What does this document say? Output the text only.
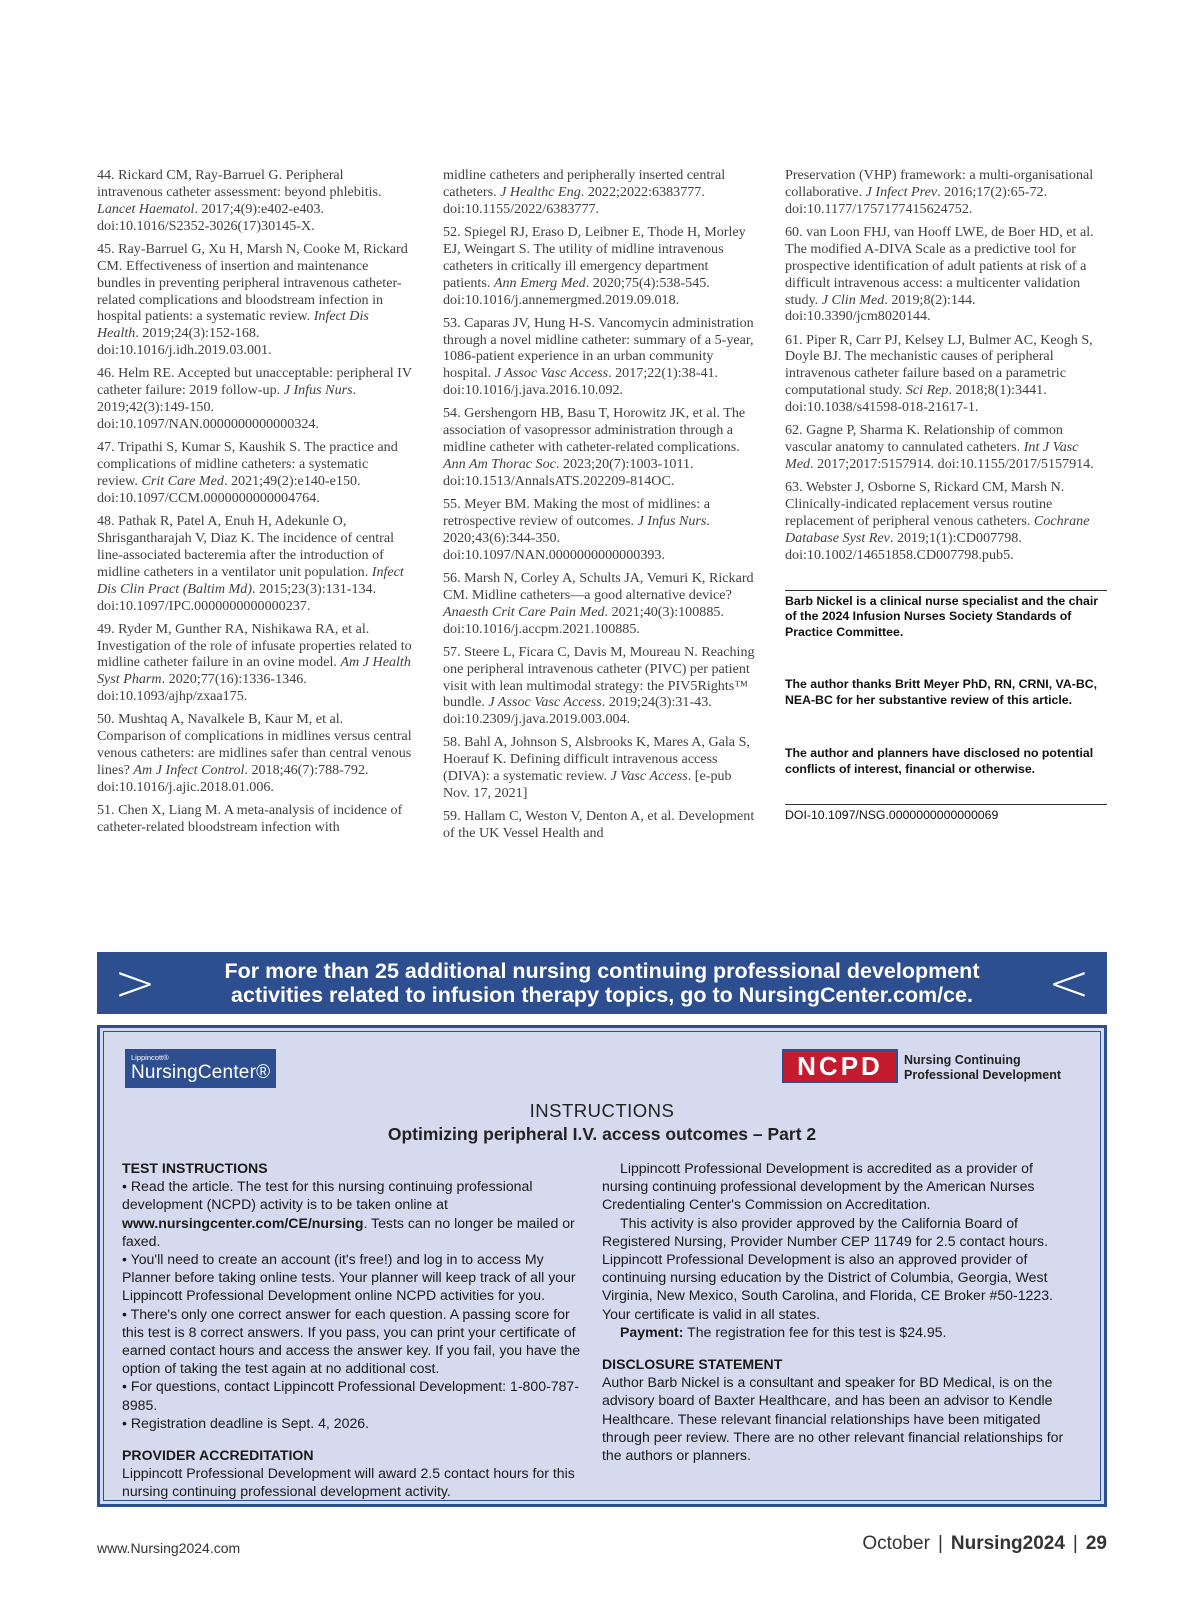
44. Rickard CM, Ray-Barruel G. Peripheral intravenous catheter assessment: beyond phlebitis. Lancet Haematol. 2017;4(9):e402-e403. doi:10.1016/S2352-3026(17)30145-X.

45. Ray-Barruel G, Xu H, Marsh N, Cooke M, Rickard CM. Effectiveness of insertion and maintenance bundles in preventing peripheral intravenous catheter-related complications and bloodstream infection in hospital patients: a systematic review. Infect Dis Health. 2019;24(3):152-168. doi:10.1016/j.idh.2019.03.001.

46. Helm RE. Accepted but unacceptable: peripheral IV catheter failure: 2019 follow-up. J Infus Nurs. 2019;42(3):149-150. doi:10.1097/NAN.0000000000000324.

47. Tripathi S, Kumar S, Kaushik S. The practice and complications of midline catheters: a systematic review. Crit Care Med. 2021;49(2):e140-e150. doi:10.1097/CCM.0000000000004764.

48. Pathak R, Patel A, Enuh H, Adekunle O, Shrisgantharajah V, Diaz K. The incidence of central line-associated bacteremia after the introduction of midline catheters in a ventilator unit population. Infect Dis Clin Pract (Baltim Md). 2015;23(3):131-134. doi:10.1097/IPC.0000000000000237.

49. Ryder M, Gunther RA, Nishikawa RA, et al. Investigation of the role of infusate properties related to midline catheter failure in an ovine model. Am J Health Syst Pharm. 2020;77(16):1336-1346. doi:10.1093/ajhp/zxaa175.

50. Mushtaq A, Navalkele B, Kaur M, et al. Comparison of complications in midlines versus central venous catheters: are midlines safer than central venous lines? Am J Infect Control. 2018;46(7):788-792. doi:10.1016/j.ajic.2018.01.006.

51. Chen X, Liang M. A meta-analysis of incidence of catheter-related bloodstream infection with

midline catheters and peripherally inserted central catheters. J Healthc Eng. 2022;2022:6383777. doi:10.1155/2022/6383777.

52. Spiegel RJ, Eraso D, Leibner E, Thode H, Morley EJ, Weingart S. The utility of midline intravenous catheters in critically ill emergency department patients. Ann Emerg Med. 2020;75(4):538-545. doi:10.1016/j.annemergmed.2019.09.018.

53. Caparas JV, Hung H-S. Vancomycin administration through a novel midline catheter: summary of a 5-year, 1086-patient experience in an urban community hospital. J Assoc Vasc Access. 2017;22(1):38-41. doi:10.1016/j.java.2016.10.092.

54. Gershengorn HB, Basu T, Horowitz JK, et al. The association of vasopressor administration through a midline catheter with catheter-related complications. Ann Am Thorac Soc. 2023;20(7):1003-1011. doi:10.1513/AnnalsATS.202209-814OC.

55. Meyer BM. Making the most of midlines: a retrospective review of outcomes. J Infus Nurs. 2020;43(6):344-350. doi:10.1097/NAN.0000000000000393.

56. Marsh N, Corley A, Schults JA, Vemuri K, Rickard CM. Midline catheters—a good alternative device? Anaesth Crit Care Pain Med. 2021;40(3):100885. doi:10.1016/j.accpm.2021.100885.

57. Steere L, Ficara C, Davis M, Moureau N. Reaching one peripheral intravenous catheter (PIVC) per patient visit with lean multimodal strategy: the PIV5Rights™ bundle. J Assoc Vasc Access. 2019;24(3):31-43. doi:10.2309/j.java.2019.003.004.

58. Bahl A, Johnson S, Alsbrooks K, Mares A, Gala S, Hoerauf K. Defining difficult intravenous access (DIVA): a systematic review. J Vasc Access. [e-pub Nov. 17, 2021]

59. Hallam C, Weston V, Denton A, et al. Development of the UK Vessel Health and

Preservation (VHP) framework: a multi-organisational collaborative. J Infect Prev. 2016;17(2):65-72. doi:10.1177/1757177415624752.

60. van Loon FHJ, van Hooff LWE, de Boer HD, et al. The modified A-DIVA Scale as a predictive tool for prospective identification of adult patients at risk of a difficult intravenous access: a multicenter validation study. J Clin Med. 2019;8(2):144. doi:10.3390/jcm8020144.

61. Piper R, Carr PJ, Kelsey LJ, Bulmer AC, Keogh S, Doyle BJ. The mechanistic causes of peripheral intravenous catheter failure based on a parametric computational study. Sci Rep. 2018;8(1):3441. doi:10.1038/s41598-018-21617-1.

62. Gagne P, Sharma K. Relationship of common vascular anatomy to cannulated catheters. Int J Vasc Med. 2017;2017:5157914. doi:10.1155/2017/5157914.

63. Webster J, Osborne S, Rickard CM, Marsh N. Clinically-indicated replacement versus routine replacement of peripheral venous catheters. Cochrane Database Syst Rev. 2019;1(1):CD007798. doi:10.1002/14651858.CD007798.pub5.

Barb Nickel is a clinical nurse specialist and the chair of the 2024 Infusion Nurses Society Standards of Practice Committee.

The author thanks Britt Meyer PhD, RN, CRNI, VA-BC, NEA-BC for her substantive review of this article.

The author and planners have disclosed no potential conflicts of interest, financial or otherwise.

DOI-10.1097/NSG.0000000000000069

>	For more than 25 additional nursing continuing professional development
activities related to infusion therapy topics, go to NursingCenter.com/ce.	<
Lippincott®
NursingCenter®	NCPD	Nursing Continuing
Professional Development
INSTRUCTIONS
Optimizing peripheral I.V. access outcomes – Part 2
TEST INSTRUCTIONS

• Read the article. The test for this nursing continuing professional development (NCPD) activity is to be taken online at www.nursingcenter.com/CE/nursing. Tests can no longer be mailed or faxed.

• You'll need to create an account (it's free!) and log in to access My Planner before taking online tests. Your planner will keep track of all your Lippincott Professional Development online NCPD activities for you.

• There's only one correct answer for each question. A passing score for this test is 8 correct answers. If you pass, you can print your certificate of earned contact hours and access the answer key. If you fail, you have the option of taking the test again at no additional cost.

• For questions, contact Lippincott Professional Development: 1-800-787-8985.

• Registration deadline is Sept. 4, 2026.

PROVIDER ACCREDITATION

Lippincott Professional Development will award 2.5 contact hours for this nursing continuing professional development activity.

Lippincott Professional Development is accredited as a provider of nursing continuing professional development by the American Nurses Credentialing Center's Commission on Accreditation.

This activity is also provider approved by the California Board of Registered Nursing, Provider Number CEP 11749 for 2.5 contact hours. Lippincott Professional Development is also an approved provider of continuing nursing education by the District of Columbia, Georgia, West Virginia, New Mexico, South Carolina, and Florida, CE Broker #50-1223. Your certificate is valid in all states.

Payment: The registration fee for this test is $24.95.

DISCLOSURE STATEMENT

Author Barb Nickel is a consultant and speaker for BD Medical, is on the advisory board of Baxter Healthcare, and has been an advisor to Kendle Healthcare. These relevant financial relationships have been mitigated through peer review. There are no other relevant financial relationships for the authors or planners.

www.Nursing2024.com	October | Nursing2024 | 29
